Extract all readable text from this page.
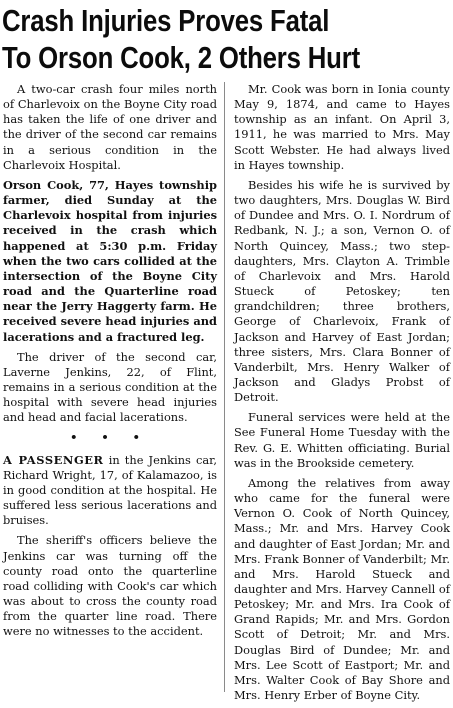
Crash Injuries Proves Fatal
To Orson Cook, 2 Others Hurt

A two-car crash four miles north of Charlevoix on the Boyne City road has taken the life of one driver and the driver of the second car remains in a serious condition in the Charlevoix Hospital.

Orson Cook, 77, Hayes township farmer, died Sunday at the Charlevoix hospital from injuries received in the crash which happened at 5:30 p.m. Friday when the two cars collided at the intersection of the Boyne City road and the Quarterline road near the Jerry Haggerty farm. He received severe head injuries and lacerations and a fractured leg.

The driver of the second car, Laverne Jenkins, 22, of Flint, remains in a serious condition at the hospital with severe head injuries and head and facial lacerations.

• • •

A PASSENGER in the Jenkins car, Richard Wright, 17, of Kalamazoo, is in good condition at the hospital. He suffered less serious lacerations and bruises.

The sheriff's officers believe the Jenkins car was turning off the county road onto the quarterline road colliding with Cook's car which was about to cross the county road from the quarter line road. There were no witnesses to the accident.

Mr. Cook was born in Ionia county May 9, 1874, and came to Hayes township as an infant. On April 3, 1911, he was married to Mrs. May Scott Webster. He had always lived in Hayes township.

Besides his wife he is survived by two daughters, Mrs. Douglas W. Bird of Dundee and Mrs. O. I. Nordrum of Redbank, N. J.; a son, Vernon O. of North Quincey, Mass.; two step-daughters, Mrs. Clayton A. Trimble of Charlevoix and Mrs. Harold Stueck of Petoskey; ten grandchildren; three brothers, George of Charlevoix, Frank of Jackson and Harvey of East Jordan; three sisters, Mrs. Clara Bonner of Vanderbilt, Mrs. Henry Walker of Jackson and Gladys Probst of Detroit.

Funeral services were held at the See Funeral Home Tuesday with the Rev. G. E. Whitten officiating. Burial was in the Brookside cemetery.

Among the relatives from away who came for the funeral were Vernon O. Cook of North Quincey, Mass.; Mr. and Mrs. Harvey Cook and daughter of East Jordan; Mr. and Mrs. Frank Bonner of Vanderbilt; Mr. and Mrs. Harold Stueck and daughter and Mrs. Harvey Cannell of Petoskey; Mr. and Mrs. Ira Cook of Grand Rapids; Mr. and Mrs. Gordon Scott of Detroit; Mr. and Mrs. Douglas Bird of Dundee; Mr. and Mrs. Lee Scott of Eastport; Mr. and Mrs. Walter Cook of Bay Shore and Mrs. Henry Erber of Boyne City.
